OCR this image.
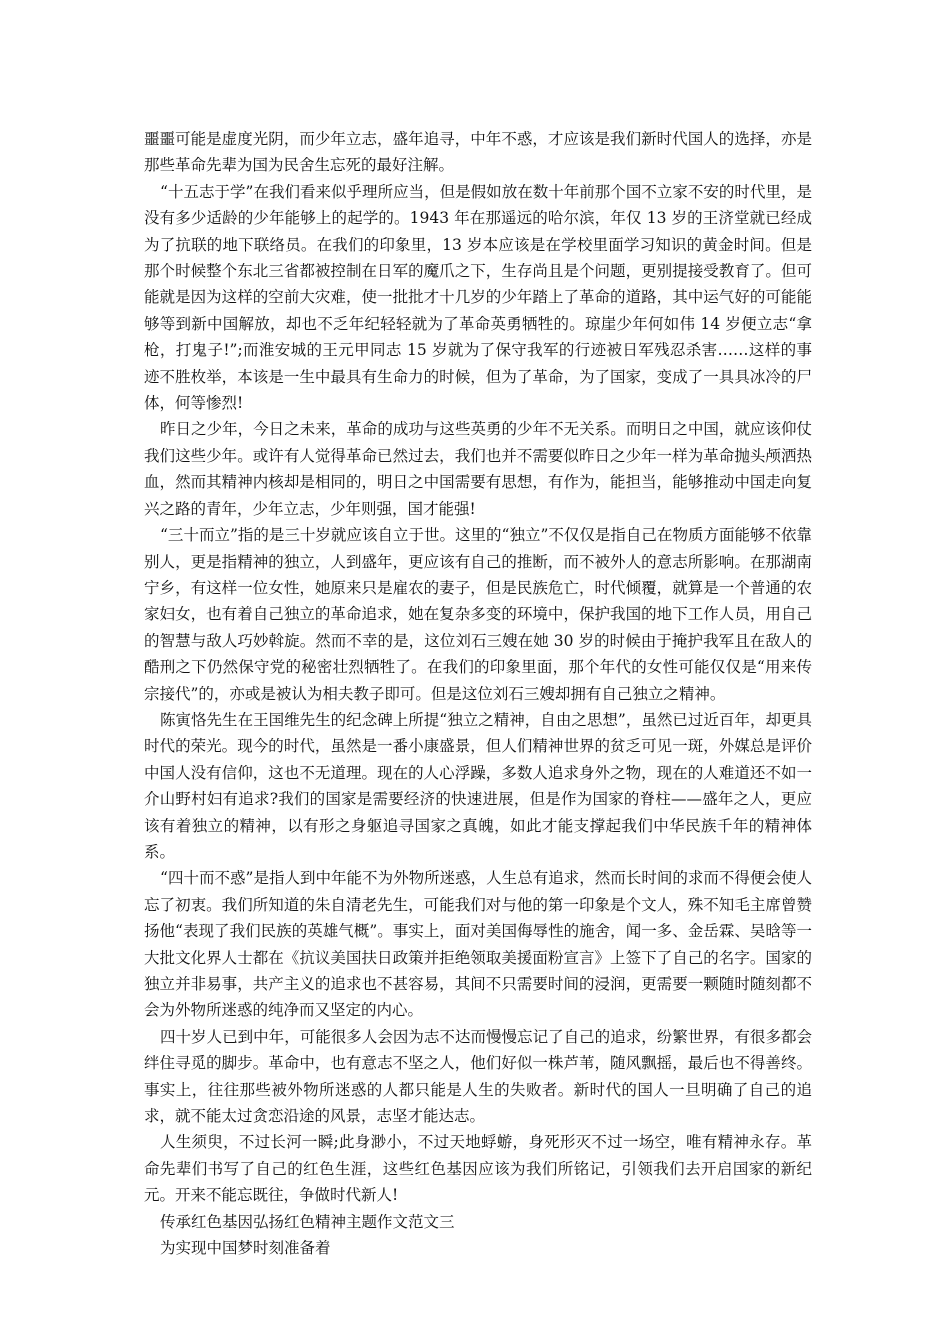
噩噩可能是虚度光阴，而少年立志，盛年追寻，中年不惑，才应该是我们新时代国人的选择，亦是那些革命先辈为国为民舍生忘死的最好注解。

“十五志于学”在我们看来似乎理所应当，但是假如放在数十年前那个国不立家不安的时代里，是没有多少适龄的少年能够上的起学的。1943 年在那遥远的哈尔滨，年仅 13 岁的王济堂就已经成为了抗联的地下联络员。在我们的印象里，13 岁本应该是在学校里面学习知识的黄金时间。但是那个时候整个东北三省都被控制在日军的魔爪之下，生存尚且是个问题，更别提接受教育了。但可能就是因为这样的空前大灾难，使一批批才十几岁的少年踏上了革命的道路，其中运气好的可能能够等到新中国解放，却也不乏年纪轻轻就为了革命英勇牺牲的。琼崖少年何如伟 14 岁便立志“拿枪，打鬼子!”;而淮安城的王元甲同志 15 岁就为了保守我军的行迹被日军残忍杀害……这样的事迹不胜枚举，本该是一生中最具有生命力的时候，但为了革命，为了国家，变成了一具具冰冷的尸体，何等惨烈!

昨日之少年，今日之未来，革命的成功与这些英勇的少年不无关系。而明日之中国，就应该仰仗我们这些少年。或许有人觉得革命已然过去，我们也并不需要似昨日之少年一样为革命抛头颅洒热血，然而其精神内核却是相同的，明日之中国需要有思想，有作为，能担当，能够推动中国走向复兴之路的青年，少年立志，少年则强，国才能强!

“三十而立”指的是三十岁就应该自立于世。这里的“独立”不仅仅是指自己在物质方面能够不依靠别人，更是指精神的独立，人到盛年，更应该有自己的推断，而不被外人的意志所影响。在那湖南宁乡，有这样一位女性，她原来只是雇农的妻子，但是民族危亡，时代倾覆，就算是一个普通的农家妇女，也有着自己独立的革命追求，她在复杂多变的环境中，保护我国的地下工作人员，用自己的智慧与敌人巧妙斡旋。然而不幸的是，这位刘石三嫂在她 30 岁的时候由于掩护我军且在敌人的酷刑之下仍然保守党的秘密壮烈牺牲了。在我们的印象里面，那个年代的女性可能仅仅是“用来传宗接代”的，亦或是被认为相夫教子即可。但是这位刘石三嫂却拥有自己独立之精神。

陈寅恪先生在王国维先生的纪念碑上所提“独立之精神，自由之思想”，虽然已过近百年，却更具时代的荣光。现今的时代，虽然是一番小康盛景，但人们精神世界的贫乏可见一斑，外媒总是评价中国人没有信仰，这也不无道理。现在的人心浮躁，多数人追求身外之物，现在的人难道还不如一介山野村妇有追求?我们的国家是需要经济的快速进展，但是作为国家的脊柱——盛年之人，更应该有着独立的精神，以有形之身躯追寻国家之真魄，如此才能支撑起我们中华民族千年的精神体系。

“四十而不惑”是指人到中年能不为外物所迷惑，人生总有追求，然而长时间的求而不得便会使人忘了初衷。我们所知道的朱自清老先生，可能我们对与他的第一印象是个文人，殊不知毛主席曾赞扬他“表现了我们民族的英雄气概”。事实上，面对美国侮辱性的施舍，闻一多、金岳霖、吴晗等一大批文化界人士都在《抗议美国扶日政策并拒绝领取美援面粉宣言》上签下了自己的名字。国家的独立并非易事，共产主义的追求也不甚容易，其间不只需要时间的浸润，更需要一颗随时随刻都不会为外物所迷惑的纯净而又坚定的内心。

四十岁人已到中年，可能很多人会因为志不达而慢慢忘记了自己的追求，纷繁世界，有很多都会绊住寻觅的脚步。革命中，也有意志不坚之人，他们好似一株芦苇，随风飘摇，最后也不得善终。事实上，往往那些被外物所迷惑的人都只能是人生的失败者。新时代的国人一旦明确了自己的追求，就不能太过贪恋沿途的风景，志坚才能达志。

人生须臾，不过长河一瞬;此身渺小，不过天地蜉蝣，身死形灭不过一场空，唯有精神永存。革命先辈们书写了自己的红色生涯，这些红色基因应该为我们所铭记，引领我们去开启国家的新纪元。开来不能忘既往，争做时代新人!

传承红色基因弘扬红色精神主题作文范文三

为实现中国梦时刻准备着
